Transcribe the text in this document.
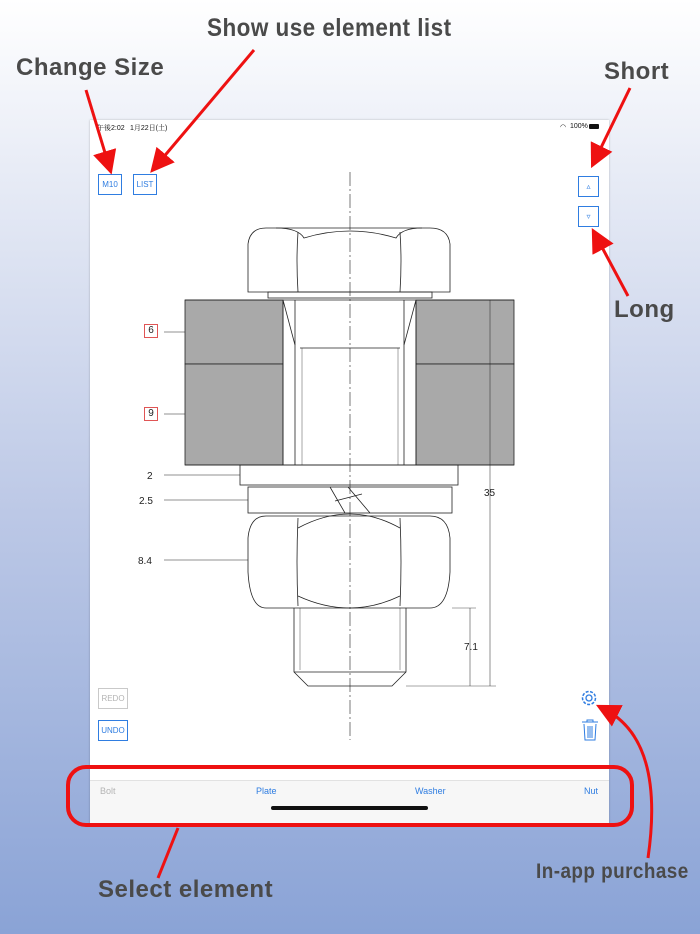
Change Size
Show use element list
Short
Long
In-app purchase
Select element
午後2:02 1月22日(土)	◠ 100%
35
7.1
2
2.5
8.4
6
9
M10	LIST	▵
▿
REDO
UNDO
Bolt	Plate	Washer	Nut
